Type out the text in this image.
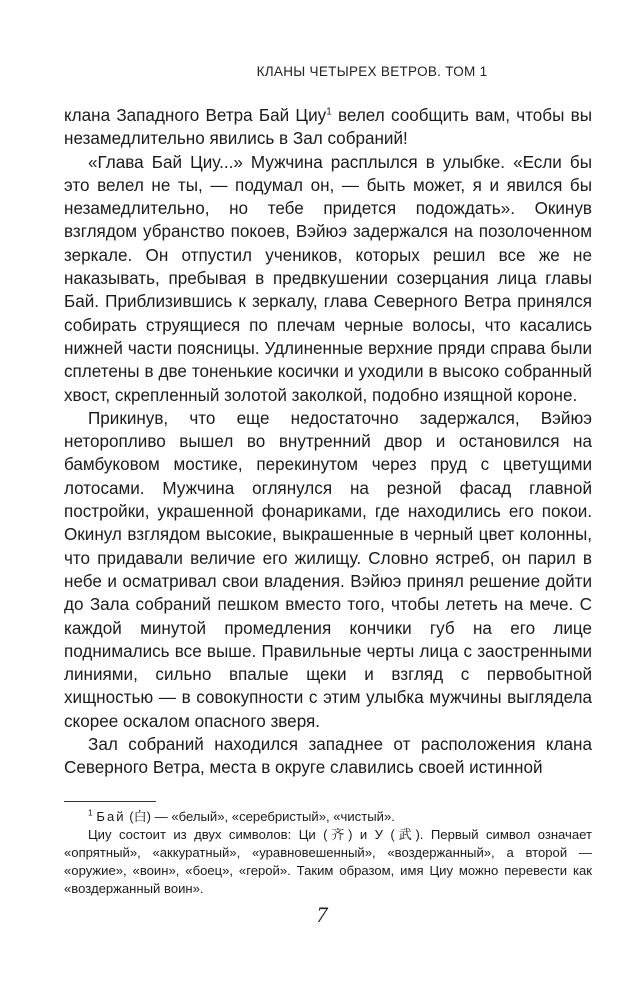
КЛАНЫ ЧЕТЫРЕХ ВЕТРОВ. ТОМ 1

клана Западного Ветра Бай Циу$^1$ велел сообщить вам, чтобы вы незамедлительно явились в Зал собраний!

«Глава Бай Циу...» Мужчина расплылся в улыбке. «Если бы это велел не ты, — подумал он, — быть может, я и явился бы незамедлительно, но тебе придется подождать». Окинув взглядом убранство покоев, Вэйюэ задержался на позолоченном зеркале. Он отпустил учеников, которых решил все же не наказывать, пребывая в предвкушении созерцания лица главы Бай. Приблизившись к зеркалу, глава Северного Ветра принялся собирать струящиеся по плечам черные волосы, что касались нижней части поясницы. Удлиненные верхние пряди справа были сплетены в две тоненькие косички и уходили в высоко собранный хвост, скрепленный золотой заколкой, подобно изящной короне.

Прикинув, что еще недостаточно задержался, Вэйюэ неторопливо вышел во внутренний двор и остановился на бамбуковом мостике, перекинутом через пруд с цветущими лотосами. Мужчина оглянулся на резной фасад главной постройки, украшенной фонариками, где находились его покои. Окинул взглядом высокие, выкрашенные в черный цвет колонны, что придавали величие его жилищу. Словно ястреб, он парил в небе и осматривал свои владения. Вэйюэ принял решение дойти до Зала собраний пешком вместо того, чтобы лететь на мече. С каждой минутой промедления кончики губ на его лице поднимались все выше. Правильные черты лица с заостренными линиями, сильно впалые щеки и взгляд с первобытной хищностью — в совокупности с этим улыбка мужчины выглядела скорее оскалом опасного зверя.

Зал собраний находился западнее от расположения клана Северного Ветра, места в округе славились своей истинной

$^1$ Бай (白) — «белый», «серебристый», «чистый».

Циу состоит из двух символов: Ци (齐) и У (武). Первый символ означает «опрятный», «аккуратный», «уравновешенный», «воздержанный», а второй — «оружие», «воин», «боец», «герой». Таким образом, имя Циу можно перевести как «воздержанный воин».

7
